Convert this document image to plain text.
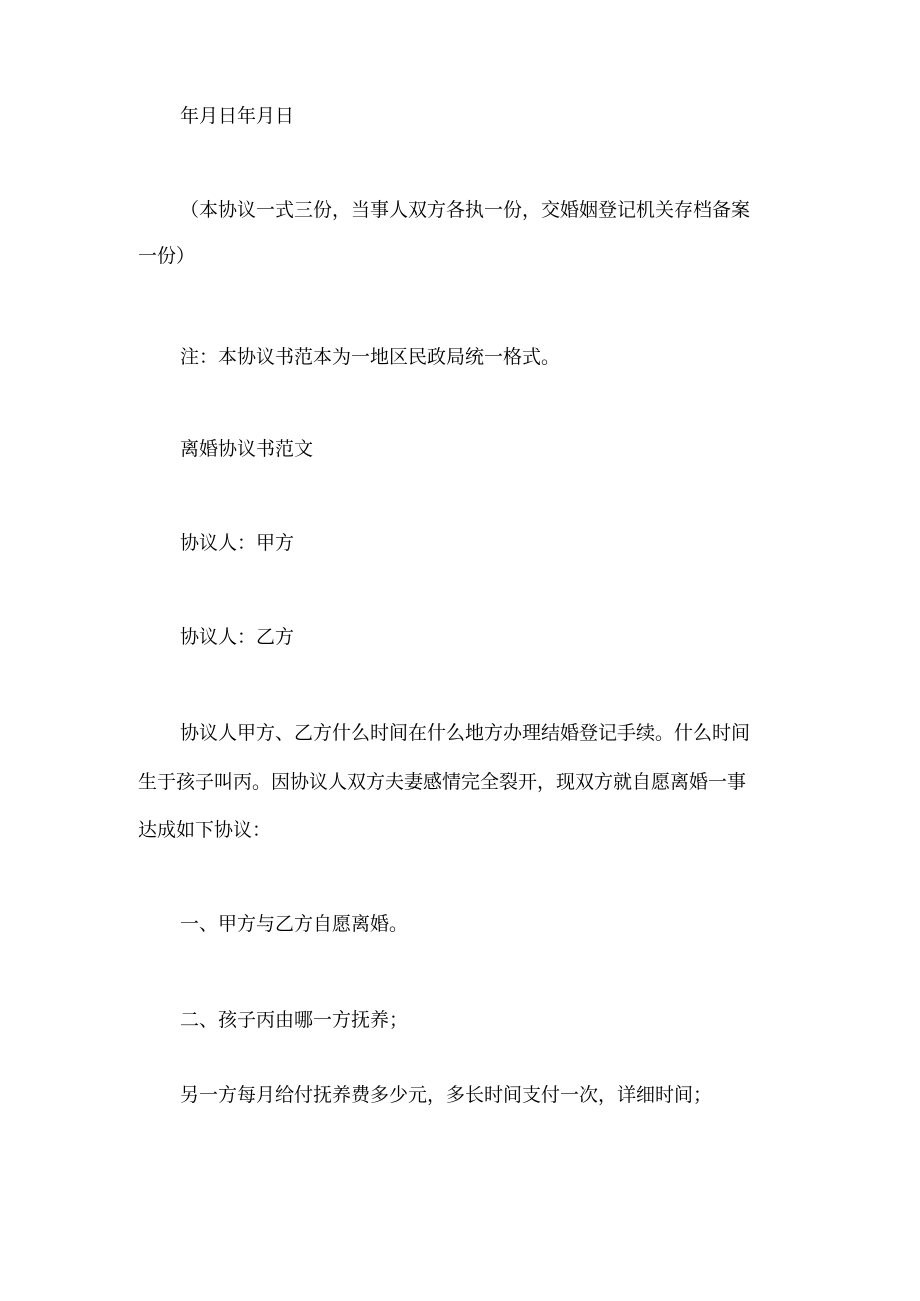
年月日年月日

（本协议一式三份，当事人双方各执一份，交婚姻登记机关存档备案

一份）

注：本协议书范本为一地区民政局统一格式。

离婚协议书范文

协议人：甲方

协议人：乙方

协议人甲方、乙方什么时间在什么地方办理结婚登记手续。什么时间

生于孩子叫丙。因协议人双方夫妻感情完全裂开，现双方就自愿离婚一事

达成如下协议：

一、甲方与乙方自愿离婚。

二、孩子丙由哪一方抚养；

另一方每月给付抚养费多少元，多长时间支付一次，详细时间；
